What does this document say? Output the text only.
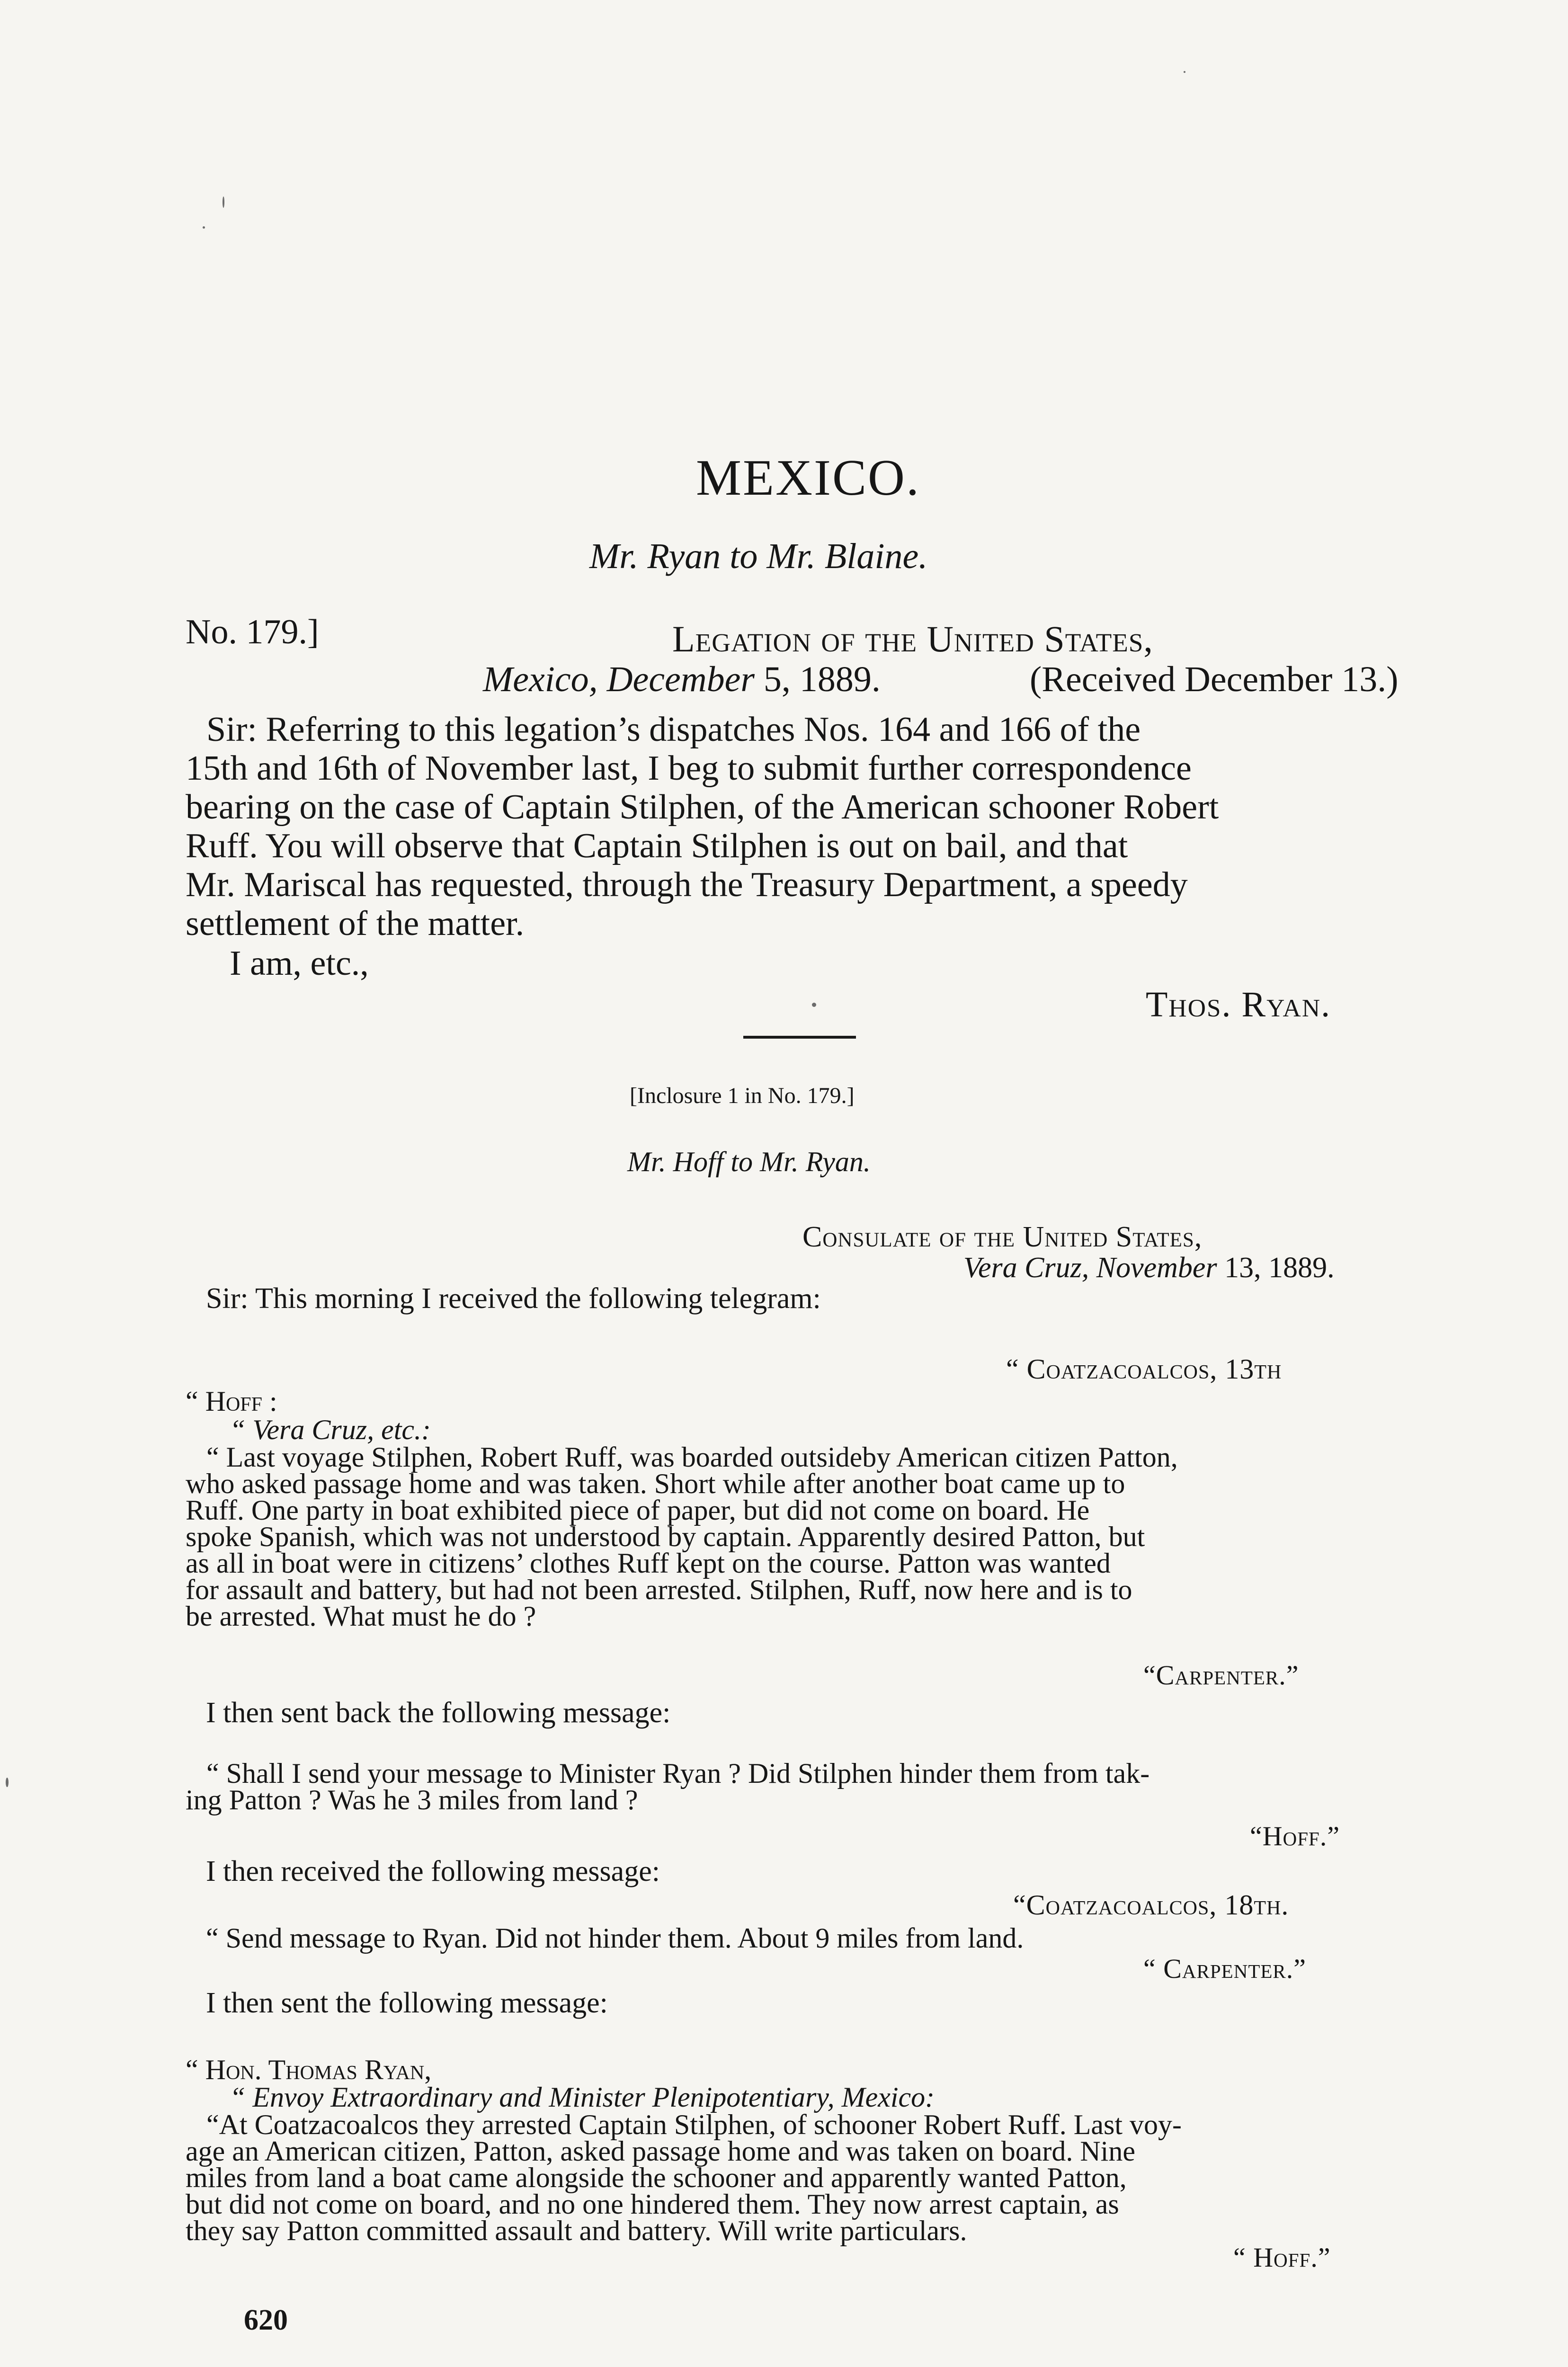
MEXICO.
Mr. Ryan to Mr. Blaine.
No. 179.]	Legation of the United States,
Mexico, December 5, 1889.	(Received December 13.)
Sir: Referring to this legation’s dispatches Nos. 164 and 166 of the
15th and 16th of November last, I beg to submit further correspondence
bearing on the case of Captain Stilphen, of the American schooner Robert
Ruff. You will observe that Captain Stilphen is out on bail, and that
Mr. Mariscal has requested, through the Treasury Department, a speedy
settlement of the matter.
I am, etc.,
Thos. Ryan.
[Inclosure 1 in No. 179.]
Mr. Hoff to Mr. Ryan.
Consulate of the United States,
Vera Cruz, November 13, 1889.
Sir: This morning I received the following telegram:
“ Coatzacoalcos, 13th
“ Hoff :
“ Vera Cruz, etc.:
“ Last voyage Stilphen, Robert Ruff, was boarded outsideby American citizen Patton,
who asked passage home and was taken. Short while after another boat came up to
Ruff. One party in boat exhibited piece of paper, but did not come on board. He
spoke Spanish, which was not understood by captain. Apparently desired Patton, but
as all in boat were in citizens’ clothes Ruff kept on the course. Patton was wanted
for assault and battery, but had not been arrested. Stilphen, Ruff, now here and is to
be arrested. What must he do ?
“Carpenter.”
I then sent back the following message:
“ Shall I send your message to Minister Ryan ? Did Stilphen hinder them from tak-
ing Patton ? Was he 3 miles from land ?
“Hoff.”
I then received the following message:
“Coatzacoalcos, 18th.
“ Send message to Ryan. Did not hinder them. About 9 miles from land.
“ Carpenter.”
I then sent the following message:
“ Hon. Thomas Ryan,
“ Envoy Extraordinary and Minister Plenipotentiary, Mexico:
“At Coatzacoalcos they arrested Captain Stilphen, of schooner Robert Ruff. Last voy-
age an American citizen, Patton, asked passage home and was taken on board. Nine
miles from land a boat came alongside the schooner and apparently wanted Patton,
but did not come on board, and no one hindered them. They now arrest captain, as
they say Patton committed assault and battery. Will write particulars.
“ Hoff.”
620
